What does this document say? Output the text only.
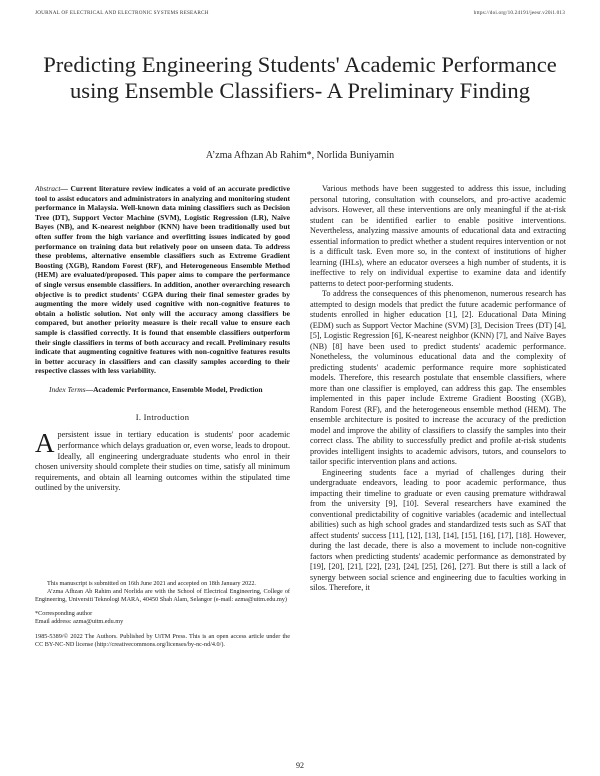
JOURNAL OF ELECTRICAL AND ELECTRONIC SYSTEMS RESEARCH	https://doi.org/10.24191/jeesr.v20i1.013
Predicting Engineering Students' Academic Performance using Ensemble Classifiers- A Preliminary Finding
A’zma Afhzan Ab Rahim*, Norlida Buniyamin

Abstract— Current literature review indicates a void of an accurate predictive tool to assist educators and administrators in analyzing and monitoring student performance in Malaysia. Well-known data mining classifiers such as Decision Tree (DT), Support Vector Machine (SVM), Logistic Regression (LR), Naïve Bayes (NB), and K-nearest neighbor (KNN) have been traditionally used but often suffer from the high variance and overfitting issues indicated by good performance on training data but relatively poor on unseen data. To address these problems, alternative ensemble classifiers such as Extreme Gradient Boosting (XGB), Random Forest (RF), and Heterogeneous Ensemble Method (HEM) are evaluated/proposed. This paper aims to compare the performance of single versus ensemble classifiers. In addition, another overarching research objective is to predict students' CGPA during their final semester grades by augmenting the more widely used cognitive with non-cognitive features to obtain a holistic solution. Not only will the accuracy among classifiers be compared, but another priority measure is their recall value to ensure each sample is classified correctly. It is found that ensemble classifiers outperform their single classifiers in terms of both accuracy and recall. Preliminary results indicate that augmenting cognitive features with non-cognitive features results in better accuracy in classifiers and can classify samples according to their respective classes with less variability.

Index Terms—Academic Performance, Ensemble Model, Prediction

I. Introduction

Apersistent issue in tertiary education is students' poor academic performance which delays graduation or, even worse, leads to dropout. Ideally, all engineering undergraduate students who enrol in their chosen university should complete their studies on time, satisfy all minimum requirements, and obtain all learning outcomes within the stipulated time outlined by the university.

This manuscript is submitted on 16th June 2021 and accepted on 18th January 2022.

A’zma Afhzan Ab Rahim and Norlida are with the School of Electrical Engineering, College of Engineering, Universiti Teknologi MARA, 40450 Shah Alam, Selangor (e-mail: azma@uitm.edu.my)

*Corresponding author

Email address: azma@uitm.edu.my

1985-5389/© 2022 The Authors. Published by UiTM Press. This is an open access article under the CC BY-NC-ND license (http://creativecommons.org/licenses/by-nc-nd/4.0/).

Various methods have been suggested to address this issue, including personal tutoring, consultation with counselors, and pro-active academic advisors. However, all these interventions are only meaningful if the at-risk student can be identified earlier to enable positive interventions. Nevertheless, analyzing massive amounts of educational data and extracting essential information to predict whether a student requires intervention or not is a difficult task. Even more so, in the context of institutions of higher learning (IHLs), where an educator oversees a high number of students, it is ineffective to rely on individual expertise to examine data and identify patterns to detect poor-performing students.

To address the consequences of this phenomenon, numerous research has attempted to design models that predict the future academic performance of students enrolled in higher education [1], [2]. Educational Data Mining (EDM) such as Support Vector Machine (SVM) [3], Decision Trees (DT) [4], [5], Logistic Regression [6], K-nearest neighbor (KNN) [7], and Naïve Bayes (NB) [8] have been used to predict students' academic performance. Nonetheless, the voluminous educational data and the complexity of predicting students' academic performance require more sophisticated models. Therefore, this research postulate that ensemble classifiers, where more than one classifier is employed, can address this gap. The ensembles implemented in this paper include Extreme Gradient Boosting (XGB), Random Forest (RF), and the heterogeneous ensemble method (HEM). The ensemble architecture is posited to increase the accuracy of the prediction model and improve the ability of classifiers to classify the samples into their correct class. The ability to successfully predict and profile at-risk students provides intelligent insights to academic advisors, tutors, and counselors to tailor specific intervention plans and actions.

Engineering students face a myriad of challenges during their undergraduate endeavors, leading to poor academic performance, thus impacting their timeline to graduate or even causing premature withdrawal from the university [9], [10]. Several researchers have examined the conventional predictability of cognitive variables (academic and intellectual abilities) such as high school grades and standardized tests such as SAT that affect students' success [11], [12], [13], [14], [15], [16], [17], [18]. However, during the last decade, there is also a movement to include non-cognitive factors when predicting students' academic performance as demonstrated by [19], [20], [21], [22], [23], [24], [25], [26], [27]. But there is still a lack of synergy between social science and engineering due to faculties working in silos. Therefore, it

92
